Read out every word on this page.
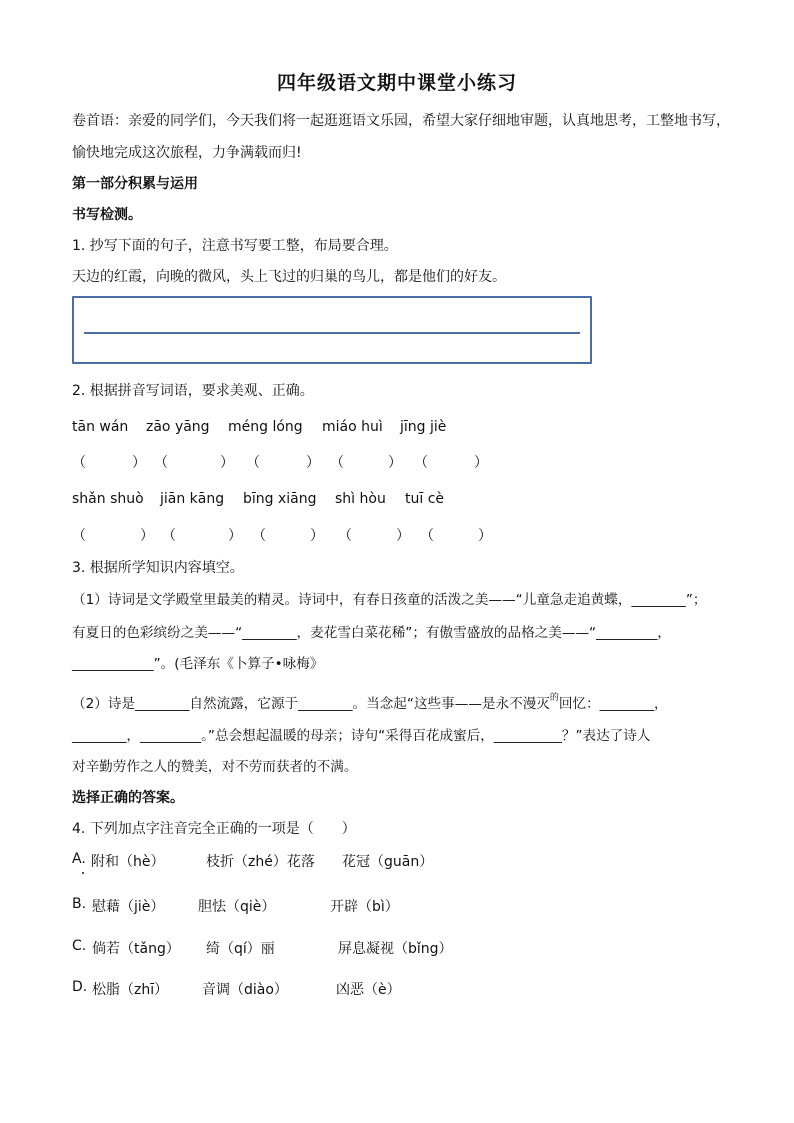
四年级语文期中课堂小练习
卷首语：亲爱的同学们，今天我们将一起逛逛语文乐园，希望大家仔细地审题，认真地思考，工整地书写，
愉快地完成这次旅程，力争满载而归!
第一部分积累与运用
书写检测。
1. 抄写下面的句子，注意书写要工整，布局要合理。
天边的红霞，向晚的微风，头上飞过的归巢的鸟儿，都是他们的好友。
2. 根据拼音写词语，要求美观、正确。
tān wán zāo yāng méng lóng miáo huì jīng jiè
（	） （	） （	） （	） （	）
shǎn shuò jiān kāng bīng xiāng shì hòu tuī cè
（	） （	） （	） （	） （	）
3. 根据所学知识内容填空。
（1）诗词是文学殿堂里最美的精灵。诗词中，有春日孩童的活泼之美——“儿童急走追黄蝶，________”；
有夏日的色彩缤纷之美——“________，麦花雪白菜花稀”；有傲雪盛放的品格之美——“_________，
____________”。(毛泽东《卜算子•咏梅》
（2）诗是________自然流露，它源于________。当念起“这些事——是永不漫灭$^的$回忆：________，
________，_________。”总会想起温暖的母亲；诗句“采得百花成蜜后，__________？”表达了诗人
对辛勤劳作之人的赞美，对不劳而获者的不满。
选择正确的答案。
4. 下列加点字注音完全正确的一项是（　　）
A. 附和（hè）	枝折（zhé）花落 花冠（guān）
B. 慰藉（jiè） 胆怯（qiè）	开辟（bì）
C. 倘若（tǎng） 绮（qí）丽	屏息凝视（bǐng）
D. 松脂（zhī） 音调（diào）	凶恶（è）
